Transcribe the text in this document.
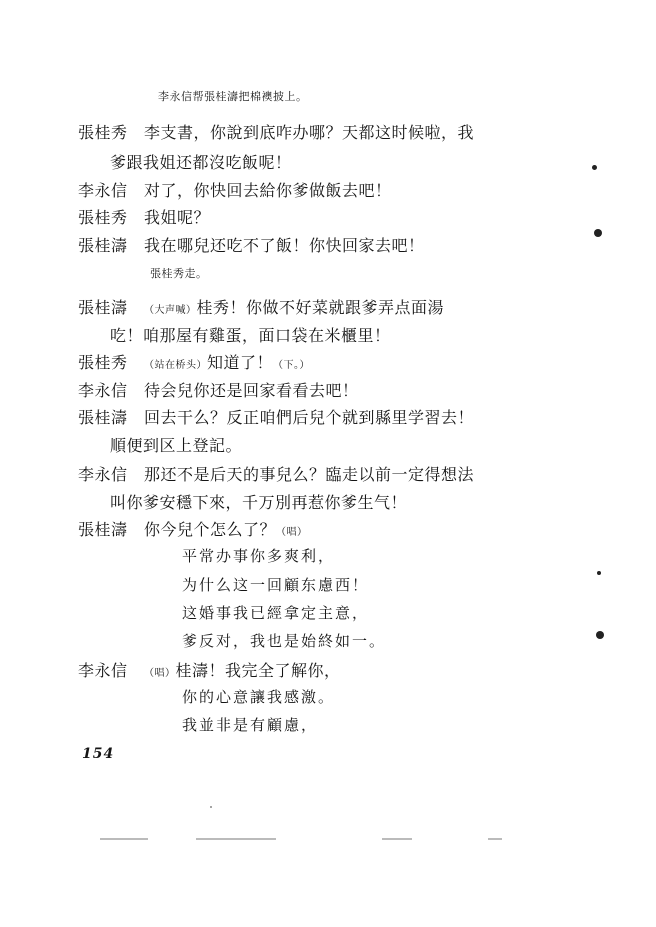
李永信帮張桂濤把棉襖披上。
張桂秀 李支書，你說到底咋办哪？天都这时候啦，我
爹跟我姐还都沒吃飯呢！
李永信 对了，你快回去給你爹做飯去吧！
張桂秀 我姐呢？
張桂濤 我在哪兒还吃不了飯！你快回家去吧！
張桂秀走。
張桂濤 （大声喊）桂秀！你做不好菜就跟爹弄点面湯
吃！咱那屋有雞蛋，面口袋在米櫃里！
張桂秀 （站在桥头）知道了！（下。）
李永信 待会兒你还是回家看看去吧！
張桂濤 回去干么？反正咱們后兒个就到縣里学習去！
順便到区上登記。
李永信 那还不是后天的事兒么？臨走以前一定得想法
叫你爹安穩下來，千万別再惹你爹生气！
張桂濤 你今兒个怎么了？（唱）
平常办事你多爽利，
为什么这一回顧东慮西！
这婚事我已經拿定主意，
爹反对，我也是始終如一。
李永信 （唱）桂濤！我完全了解你，
你的心意讓我感激。
我並非是有顧慮，
154
